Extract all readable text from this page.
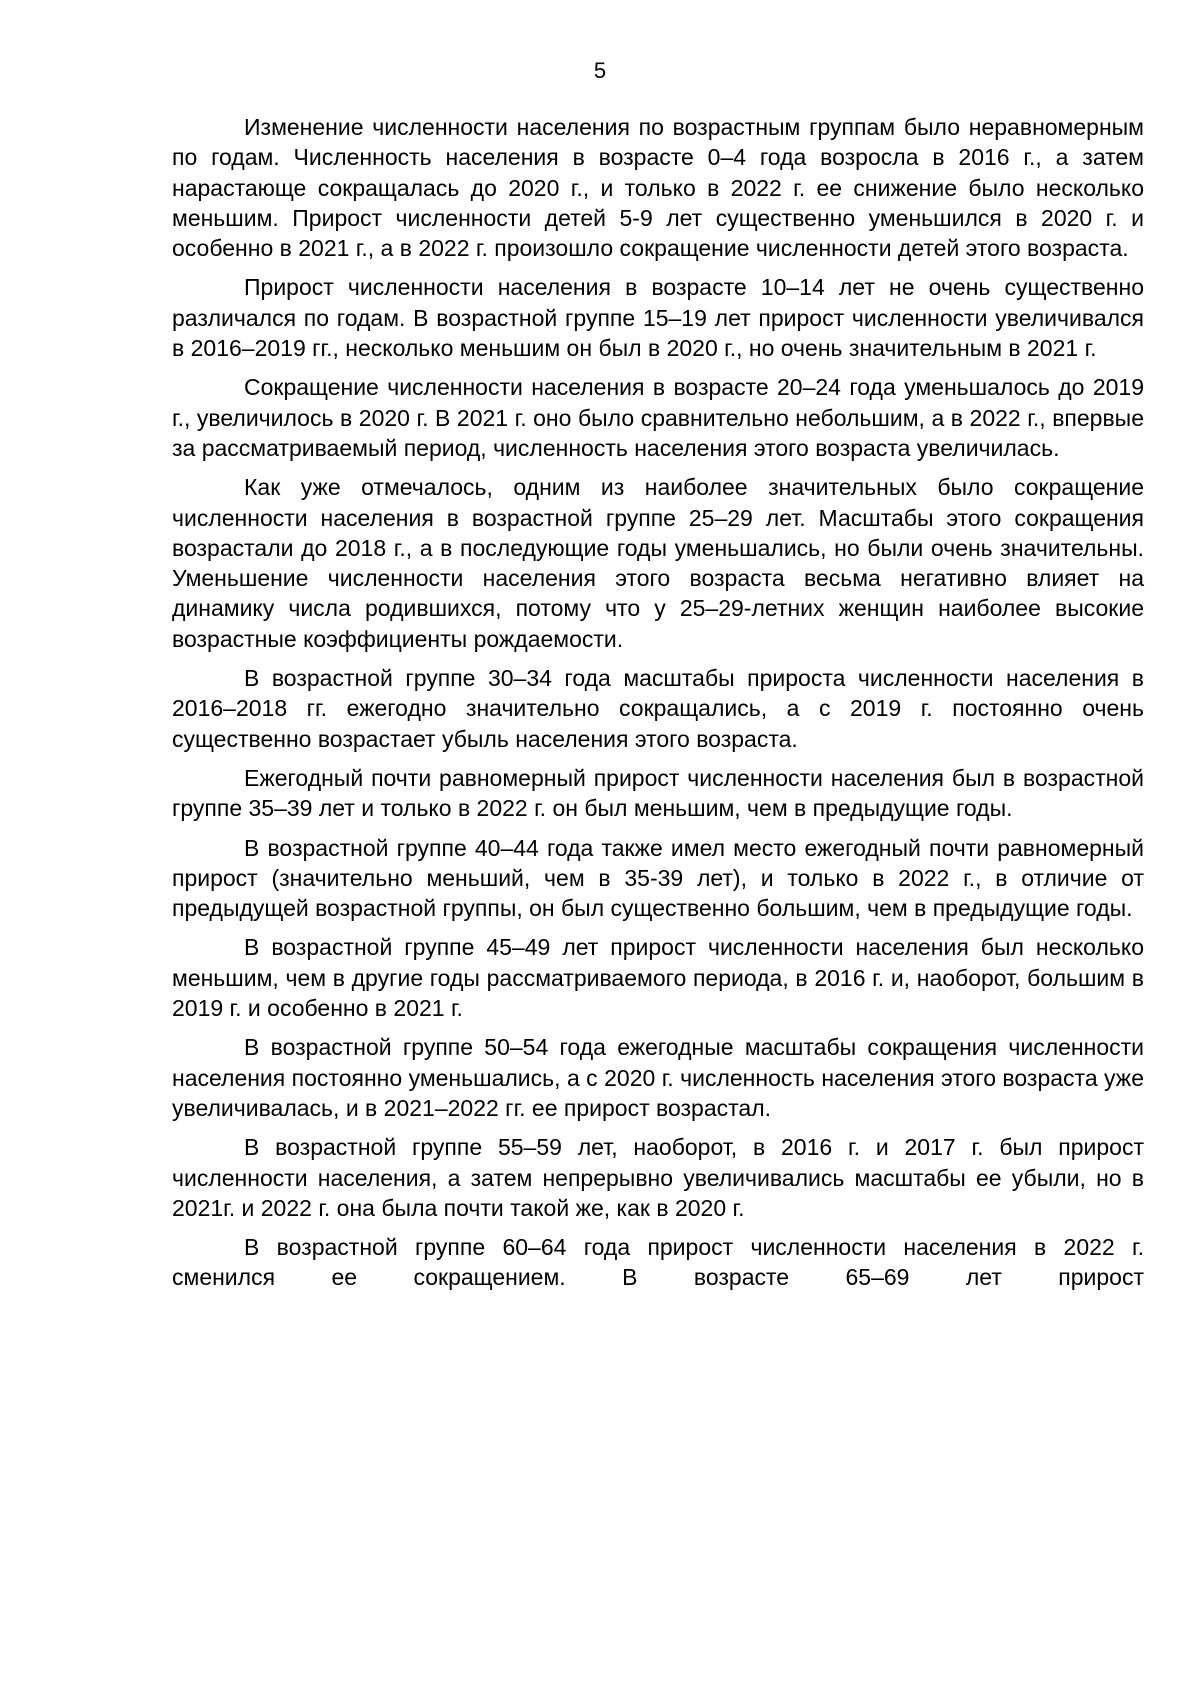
5

Изменение численности населения по возрастным группам было неравномерным по годам. Численность населения в возрасте 0–4 года возросла в 2016 г., а затем нарастающе сокращалась до 2020 г., и только в 2022 г. ее снижение было несколько меньшим. Прирост численности детей 5-9 лет существенно уменьшился в 2020 г. и особенно в 2021 г., а в 2022 г. произошло сокращение численности детей этого возраста.

Прирост численности населения в возрасте 10–14 лет не очень существенно различался по годам. В возрастной группе 15–19 лет прирост численности увеличивался в 2016–2019 гг., несколько меньшим он был в 2020 г., но очень значительным в 2021 г.

Сокращение численности населения в возрасте 20–24 года уменьшалось до 2019 г., увеличилось в 2020 г. В 2021 г. оно было сравнительно небольшим, а в 2022 г., впервые за рассматриваемый период, численность населения этого возраста увеличилась.

Как уже отмечалось, одним из наиболее значительных было сокращение численности населения в возрастной группе 25–29 лет. Масштабы этого сокращения возрастали до 2018 г., а в последующие годы уменьшались, но были очень значительны. Уменьшение численности населения этого возраста весьма негативно влияет на динамику числа родившихся, потому что у 25–29-летних женщин наиболее высокие возрастные коэффициенты рождаемости.

В возрастной группе 30–34 года масштабы прироста численности населения в 2016–2018 гг. ежегодно значительно сокращались, а с 2019 г. постоянно очень существенно возрастает убыль населения этого возраста.

Ежегодный почти равномерный прирост численности населения был в возрастной группе 35–39 лет и только в 2022 г. он был меньшим, чем в предыдущие годы.

В возрастной группе 40–44 года также имел место ежегодный почти равномерный прирост (значительно меньший, чем в 35-39 лет), и только в 2022 г., в отличие от предыдущей возрастной группы, он был существенно большим, чем в предыдущие годы.

В возрастной группе 45–49 лет прирост численности населения был несколько меньшим, чем в другие годы рассматриваемого периода, в 2016 г. и, наоборот, большим в 2019 г. и особенно в 2021 г.

В возрастной группе 50–54 года ежегодные масштабы сокращения численности населения постоянно уменьшались, а с 2020 г. численность населения этого возраста уже увеличивалась, и в 2021–2022 гг. ее прирост возрастал.

В возрастной группе 55–59 лет, наоборот, в 2016 г. и 2017 г. был прирост численности населения, а затем непрерывно увеличивались масштабы ее убыли, но в 2021г. и 2022 г. она была почти такой же, как в 2020 г.

В возрастной группе 60–64 года прирост численности населения в 2022 г. сменился ее сокращением. В возрасте 65–69 лет прирост
